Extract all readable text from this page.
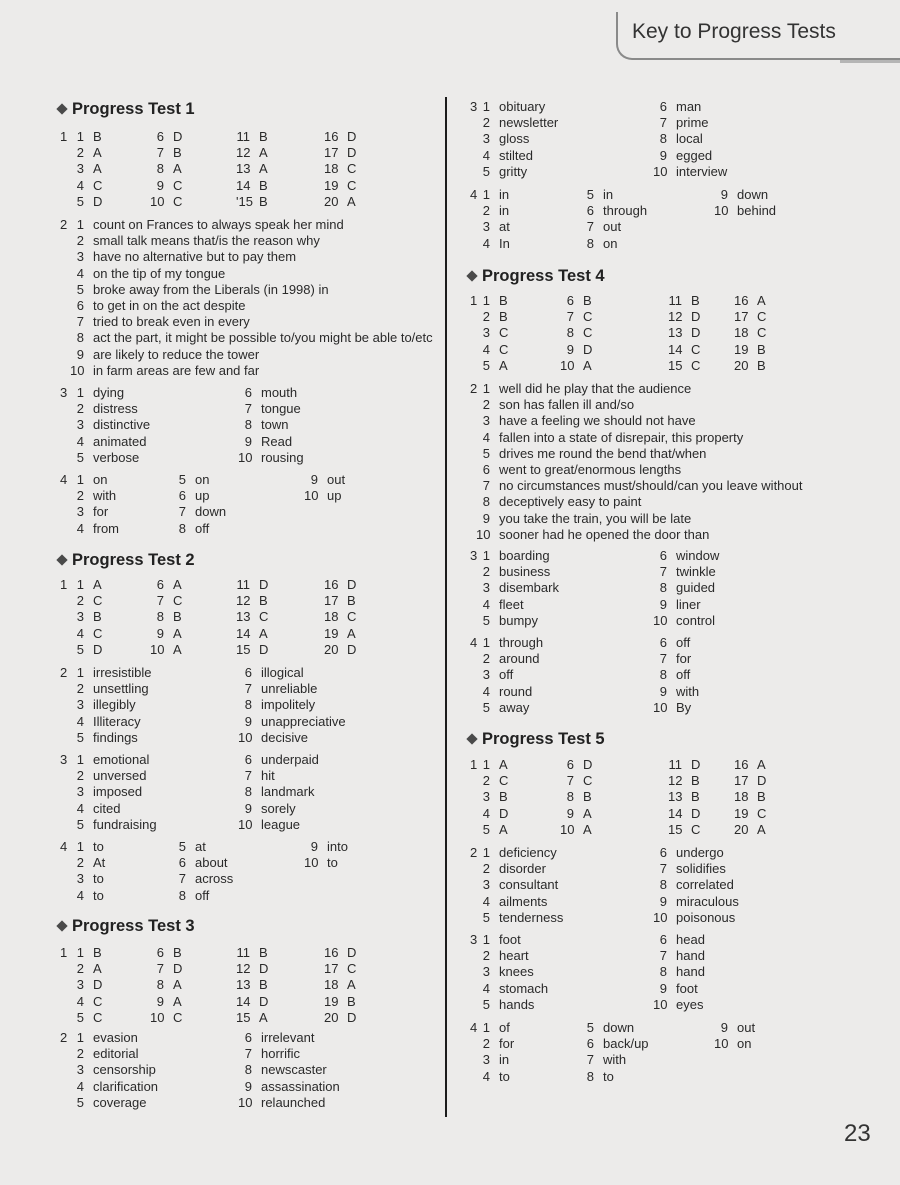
Key to Progress Tests
Progress Test 1
1 1 B
2 A
3 A
4 C
5 D
6 D
7 B
8 A
9 C
10 C
11 B
12 A
13 A
14 B
'15 B
16 D
17 D
18 C
19 C
20 A
2 1 count on Frances to always speak her mind
2 small talk means that/is the reason why
3 have no alternative but to pay them
4 on the tip of my tongue
5 broke away from the Liberals (in 1998) in
6 to get in on the act despite
7 tried to break even in every
8 act the part, it might be possible to/you might be able to/etc
9 are likely to reduce the tower
10 in farm areas are few and far
3 1 dying
2 distress
3 distinctive
4 animated
5 verbose
6 mouth
7 tongue
8 town
9 Read
10 rousing
4 1 on
2 with
3 for
4 from
5 on
6 up
7 down
8 off
9 out
10 up
Progress Test 2
1 1 A
2 C
3 B
4 C
5 D
6 A
7 C
8 B
9 A
10 A
11 D
12 B
13 C
14 A
15 D
16 D
17 B
18 C
19 A
20 D
2 1 irresistible
2 unsettling
3 illegibly
4 Illiteracy
5 findings
6 illogical
7 unreliable
8 impolitely
9 unappreciative
10 decisive
3 1 emotional
2 unversed
3 imposed
4 cited
5 fundraising
6 underpaid
7 hit
8 landmark
9 sorely
10 league
4 1 to
2 At
3 to
4 to
5 at
6 about
7 across
8 off
9 into
10 to
Progress Test 3
1 1 B
2 A
3 D
4 C
5 C
6 B
7 D
8 A
9 A
10 C
11 B
12 D
13 B
14 D
15 A
16 D
17 C
18 A
19 B
20 D
2 1 evasion
2 editorial
3 censorship
4 clarification
5 coverage
6 irrelevant
7 horrific
8 newscaster
9 assassination
10 relaunched
3 1 obituary
2 newsletter
3 gloss
4 stilted
5 gritty
6 man
7 prime
8 local
9 egged
10 interview
4 1 in
2 in
3 at
4 In
5 in
6 through
7 out
8 on
9 down
10 behind
Progress Test 4
1 1 B
2 B
3 C
4 C
5 A
6 B
7 C
8 C
9 D
10 A
11 B
12 D
13 D
14 C
15 C
16 A
17 C
18 C
19 B
20 B
2 1 well did he play that the audience
2 son has fallen ill and/so
3 have a feeling we should not have
4 fallen into a state of disrepair, this property
5 drives me round the bend that/when
6 went to great/enormous lengths
7 no circumstances must/should/can you leave without
8 deceptively easy to paint
9 you take the train, you will be late
10 sooner had he opened the door than
3 1 boarding
2 business
3 disembark
4 fleet
5 bumpy
6 window
7 twinkle
8 guided
9 liner
10 control
4 1 through
2 around
3 off
4 round
5 away
6 off
7 for
8 off
9 with
10 By
Progress Test 5
1 1 A
2 C
3 B
4 D
5 A
6 D
7 C
8 B
9 A
10 A
11 D
12 B
13 B
14 D
15 C
16 A
17 D
18 B
19 C
20 A
2 1 deficiency
2 disorder
3 consultant
4 ailments
5 tenderness
6 undergo
7 solidifies
8 correlated
9 miraculous
10 poisonous
3 1 foot
2 heart
3 knees
4 stomach
5 hands
6 head
7 hand
8 hand
9 foot
10 eyes
4 1 of
2 for
3 in
4 to
5 down
6 back/up
7 with
8 to
9 out
10 on
23
